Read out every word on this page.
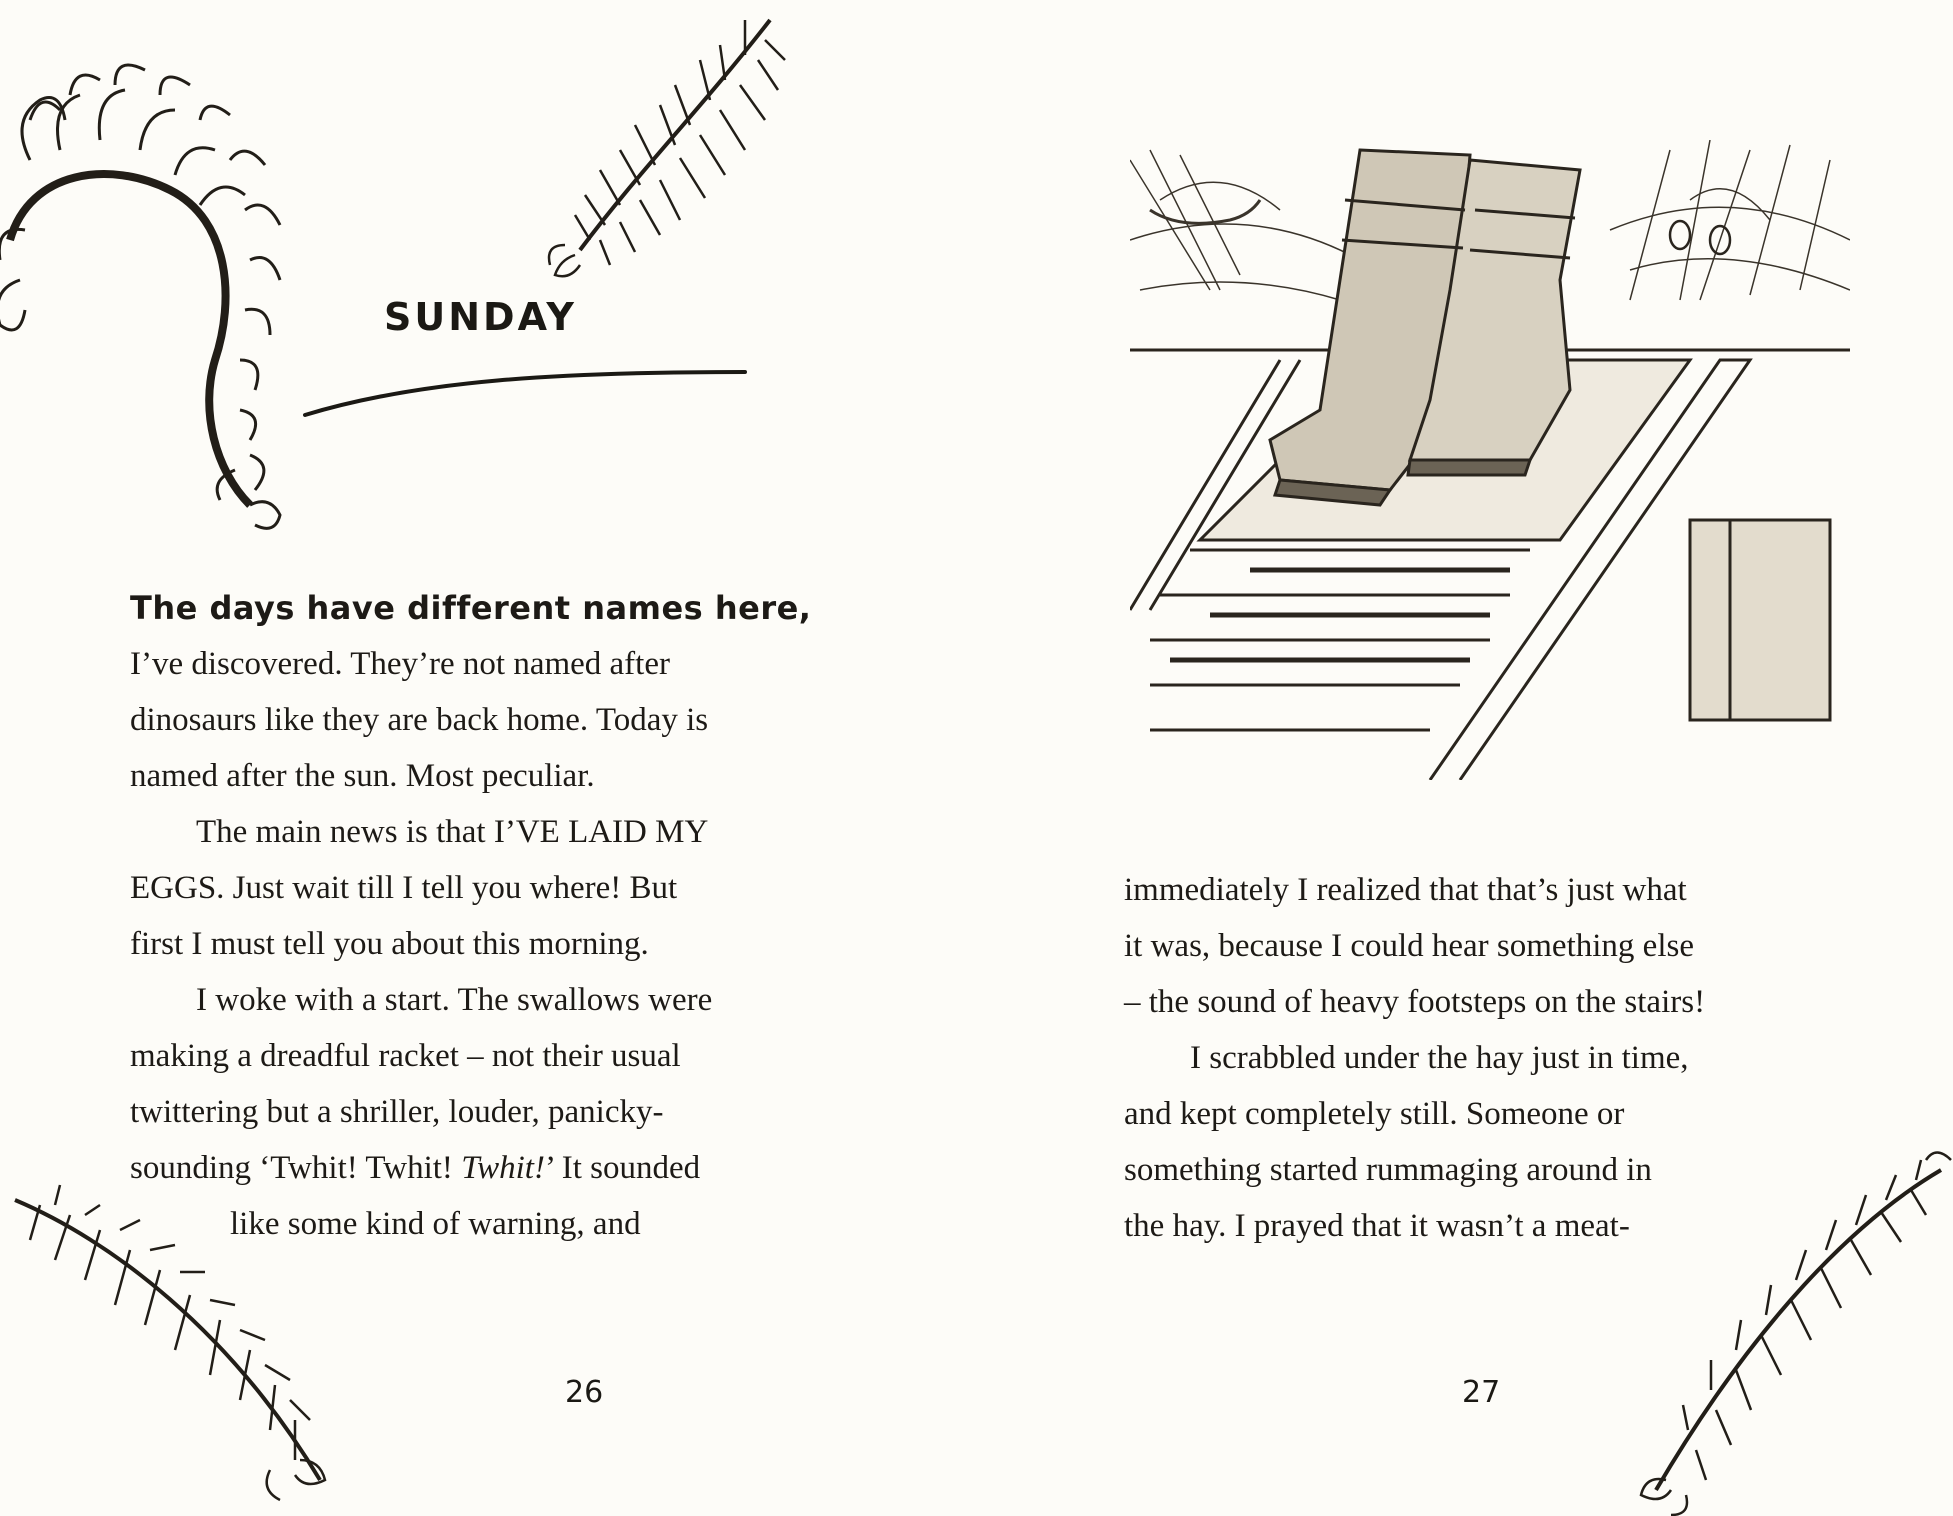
SUNDAY
The days have different names here,
I’ve discovered. They’re not named after
dinosaurs like they are back home. Today is
named after the sun. Most peculiar.
The main news is that I’VE LAID MY
EGGS. Just wait till I tell you where! But
first I must tell you about this morning.
I woke with a start. The swallows were
making a dreadful racket – not their usual
twittering but a shriller, louder, panicky-
sounding ‘Twhit! Twhit! Twhit!’ It sounded
like some kind of warning, and
26
immediately I realized that that’s just what
it was, because I could hear something else
– the sound of heavy footsteps on the stairs!
I scrabbled under the hay just in time,
and kept completely still. Someone or
something started rummaging around in
the hay. I prayed that it wasn’t a meat-
27
